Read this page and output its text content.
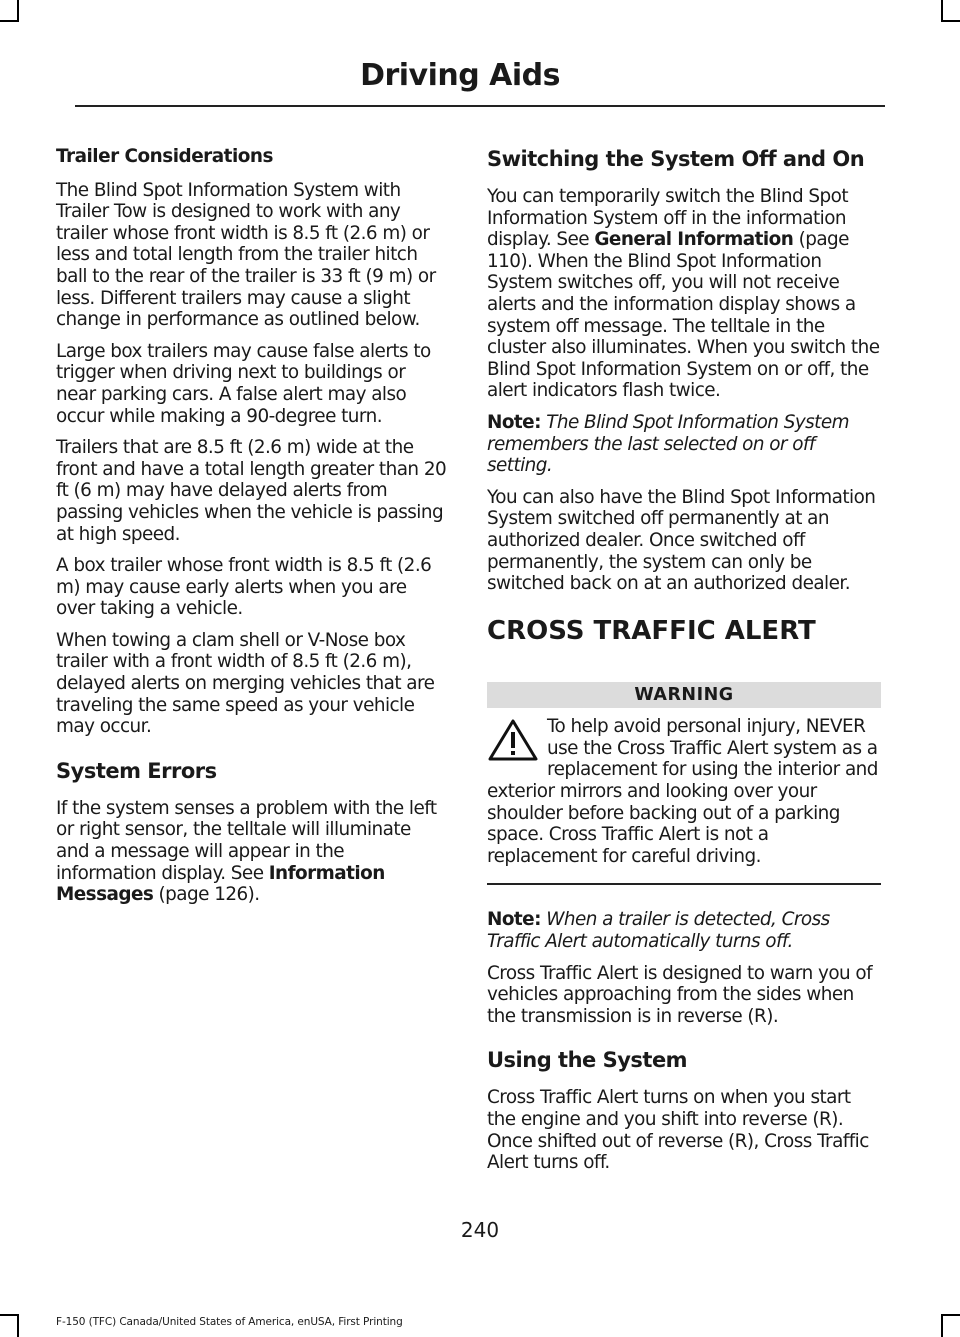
Driving Aids
Trailer Considerations

The Blind Spot Information System with Trailer Tow is designed to work with any trailer whose front width is 8.5 ft (2.6 m) or less and total length from the trailer hitch ball to the rear of the trailer is 33 ft (9 m) or less. Different trailers may cause a slight change in performance as outlined below.

Large box trailers may cause false alerts to trigger when driving next to buildings or near parking cars. A false alert may also occur while making a 90-degree turn.

Trailers that are 8.5 ft (2.6 m) wide at the front and have a total length greater than 20 ft (6 m) may have delayed alerts from passing vehicles when the vehicle is passing at high speed.

A box trailer whose front width is 8.5 ft (2.6 m) may cause early alerts when you are over taking a vehicle.

When towing a clam shell or V-Nose box trailer with a front width of 8.5 ft (2.6 m), delayed alerts on merging vehicles that are traveling the same speed as your vehicle may occur.

System Errors

If the system senses a problem with the left or right sensor, the telltale will illuminate and a message will appear in the information display. See Information Messages (page 126).

Switching the System Off and On

You can temporarily switch the Blind Spot Information System off in the information display. See General Information (page 110). When the Blind Spot Information System switches off, you will not receive alerts and the information display shows a system off message. The telltale in the cluster also illuminates. When you switch the Blind Spot Information System on or off, the alert indicators flash twice.

Note: The Blind Spot Information System remembers the last selected on or off setting.

You can also have the Blind Spot Information System switched off permanently at an authorized dealer. Once switched off permanently, the system can only be switched back on at an authorized dealer.

CROSS TRAFFIC ALERT
WARNING
To help avoid personal injury, NEVER use the Cross Traffic Alert system as a replacement for using the interior and exterior mirrors and looking over your shoulder before backing out of a parking space. Cross Traffic Alert is not a replacement for careful driving.

Note: When a trailer is detected, Cross Traffic Alert automatically turns off.

Cross Traffic Alert is designed to warn you of vehicles approaching from the sides when the transmission is in reverse (R).

Using the System

Cross Traffic Alert turns on when you start the engine and you shift into reverse (R). Once shifted out of reverse (R), Cross Traffic Alert turns off.

240
F-150 (TFC) Canada/United States of America, enUSA, First Printing
